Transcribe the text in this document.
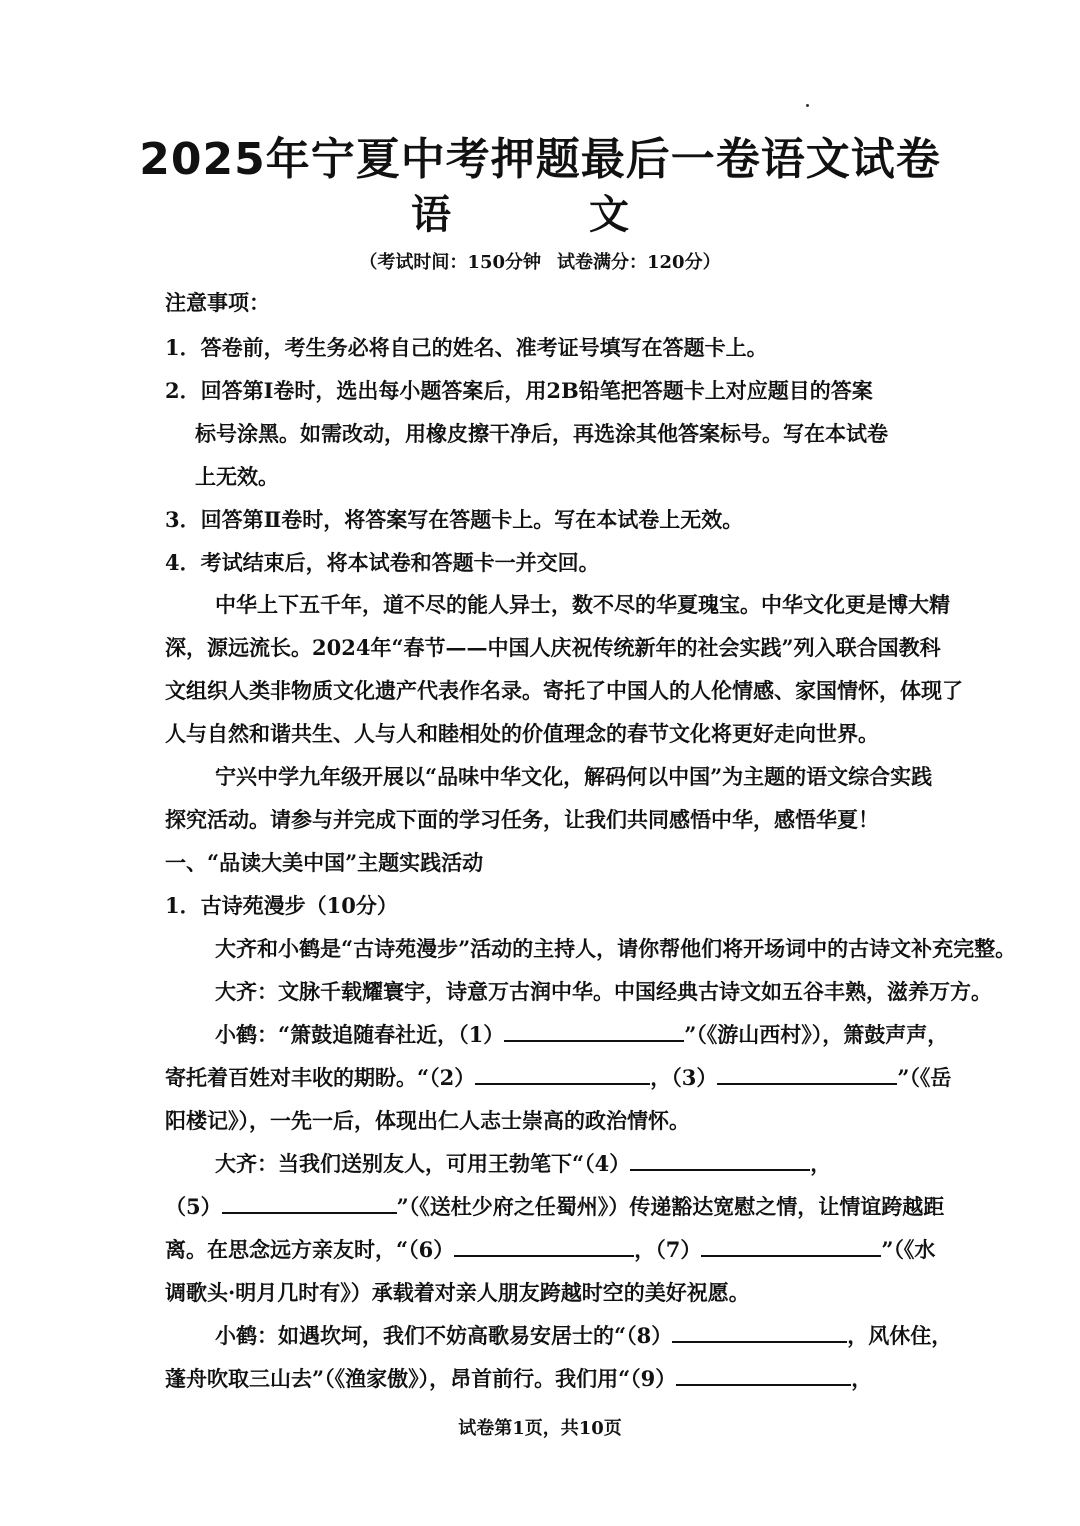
2025年宁夏中考押题最后一卷语文试卷
语 文
（考试时间：150分钟 试卷满分：120分）
注意事项：
1．答卷前，考生务必将自己的姓名、准考证号填写在答题卡上。
2．回答第Ⅰ卷时，选出每小题答案后，用2B铅笔把答题卡上对应题目的答案
标号涂黑。如需改动，用橡皮擦干净后，再选涂其他答案标号。写在本试卷
上无效。
3．回答第Ⅱ卷时，将答案写在答题卡上。写在本试卷上无效。
4．考试结束后，将本试卷和答题卡一并交回。
中华上下五千年，道不尽的能人异士，数不尽的华夏瑰宝。中华文化更是博大精
深，源远流长。2024年“春节——中国人庆祝传统新年的社会实践”列入联合国教科
文组织人类非物质文化遗产代表作名录。寄托了中国人的人伦情感、家国情怀，体现了
人与自然和谐共生、人与人和睦相处的价值理念的春节文化将更好走向世界。
宁兴中学九年级开展以“品味中华文化，解码何以中国”为主题的语文综合实践
探究活动。请参与并完成下面的学习任务，让我们共同感悟中华，感悟华夏！
一、“品读大美中国”主题实践活动
1．古诗苑漫步（10分）
大齐和小鹤是“古诗苑漫步”活动的主持人，请你帮他们将开场词中的古诗文补充完整。
大齐：文脉千载耀寰宇，诗意万古润中华。中国经典古诗文如五谷丰熟，滋养万方。
小鹤：“箫鼓追随春社近，（1）	”（《游山西村》），箫鼓声声，
寄托着百姓对丰收的期盼。“（2）	，（3）	”（《岳
阳楼记》），一先一后，体现出仁人志士崇高的政治情怀。
大齐：当我们送别友人，可用王勃笔下“（4）	，
（5）	”（《送杜少府之任蜀州》）传递豁达宽慰之情，让情谊跨越距
离。在思念远方亲友时，“（6）	，（7）	”（《水
调歌头·明月几时有》）承载着对亲人朋友跨越时空的美好祝愿。
小鹤：如遇坎坷，我们不妨高歌易安居士的“（8）	，风休住，
蓬舟吹取三山去”（《渔家傲》），昂首前行。我们用“（9）	，
试卷第1页，共10页
